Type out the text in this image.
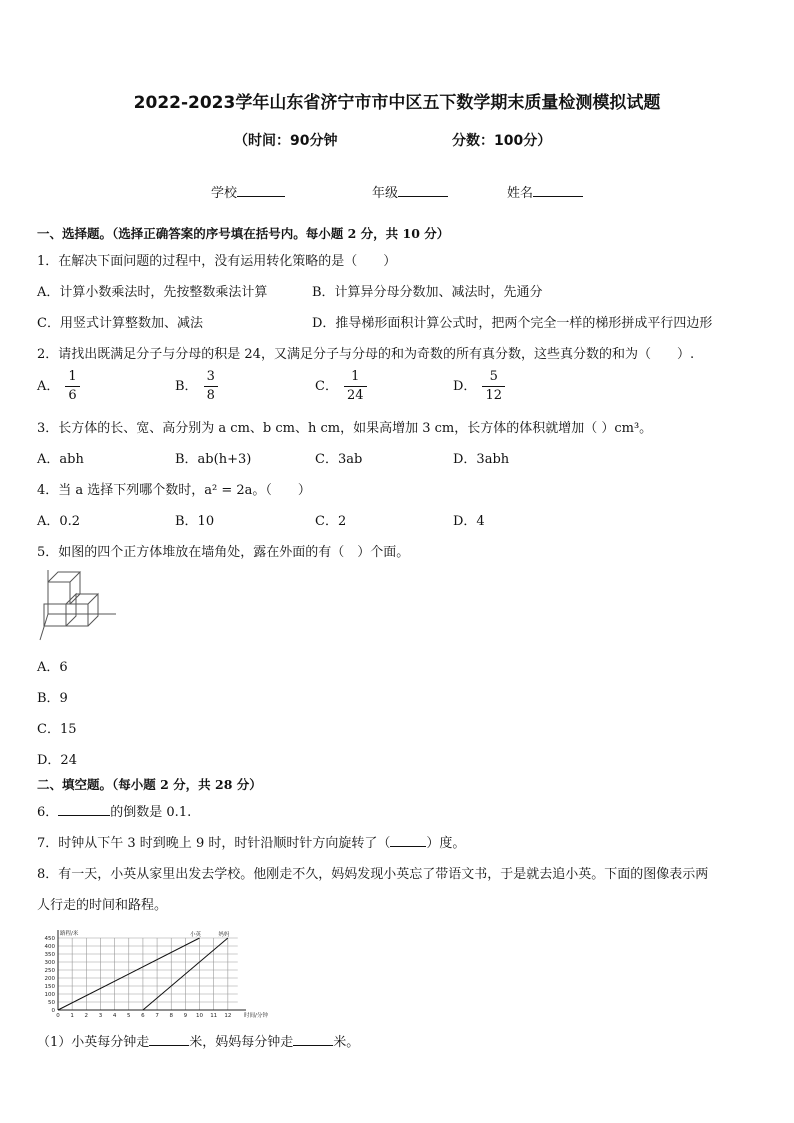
2022-2023学年山东省济宁市市中区五下数学期末质量检测模拟试题
（时间：90分钟	分数：100分）
学校	年级	姓名
一、选择题。（选择正确答案的序号填在括号内。每小题 2 分，共 10 分）
1．在解决下面问题的过程中，没有运用转化策略的是（　　）
A．计算小数乘法时，先按整数乘法计算	B．计算异分母分数加、减法时，先通分
C．用竖式计算整数加、减法	D．推导梯形面积计算公式时，把两个完全一样的梯形拼成平行四边形
2．请找出既满足分子与分母的积是 24，又满足分子与分母的和为奇数的所有真分数，这些真分数的和为（　　）.
A． $\frac{1}{6}$	B． $\frac{3}{8}$	C． $\frac{1}{24}$	D． $\frac{5}{12}$
3．长方体的长、宽、高分别为 a cm、b cm、h cm，如果高增加 3 cm，长方体的体积就增加（ ）cm³。
A．abh	B．ab(h+3)	C．3ab	D．3abh
4．当 a 选择下列哪个数时，a² = 2a。（　　）
A．0.2	B．10	C．2	D．4
5．如图的四个正方体堆放在墙角处，露在外面的有（　）个面。
A．6
B．9
C．15
D．24
二、填空题。（每小题 2 分，共 28 分）
6．	的倒数是 0.1.
7．时钟从下午 3 时到晚上 9 时，时针沿顺时针方向旋转了（	）度。
8．有一天，小英从家里出发去学校。他刚走不久，妈妈发现小英忘了带语文书，于是就去追小英。下面的图像表示两
人行走的时间和路程。
0
50
100
150
200
250
300
350
400
450
0 1 2 3 4 5 6 7 8 9 10 11 12
路程/米
时间/分钟
小英	妈妈
（1）小英每分钟走	米，妈妈每分钟走	米。
